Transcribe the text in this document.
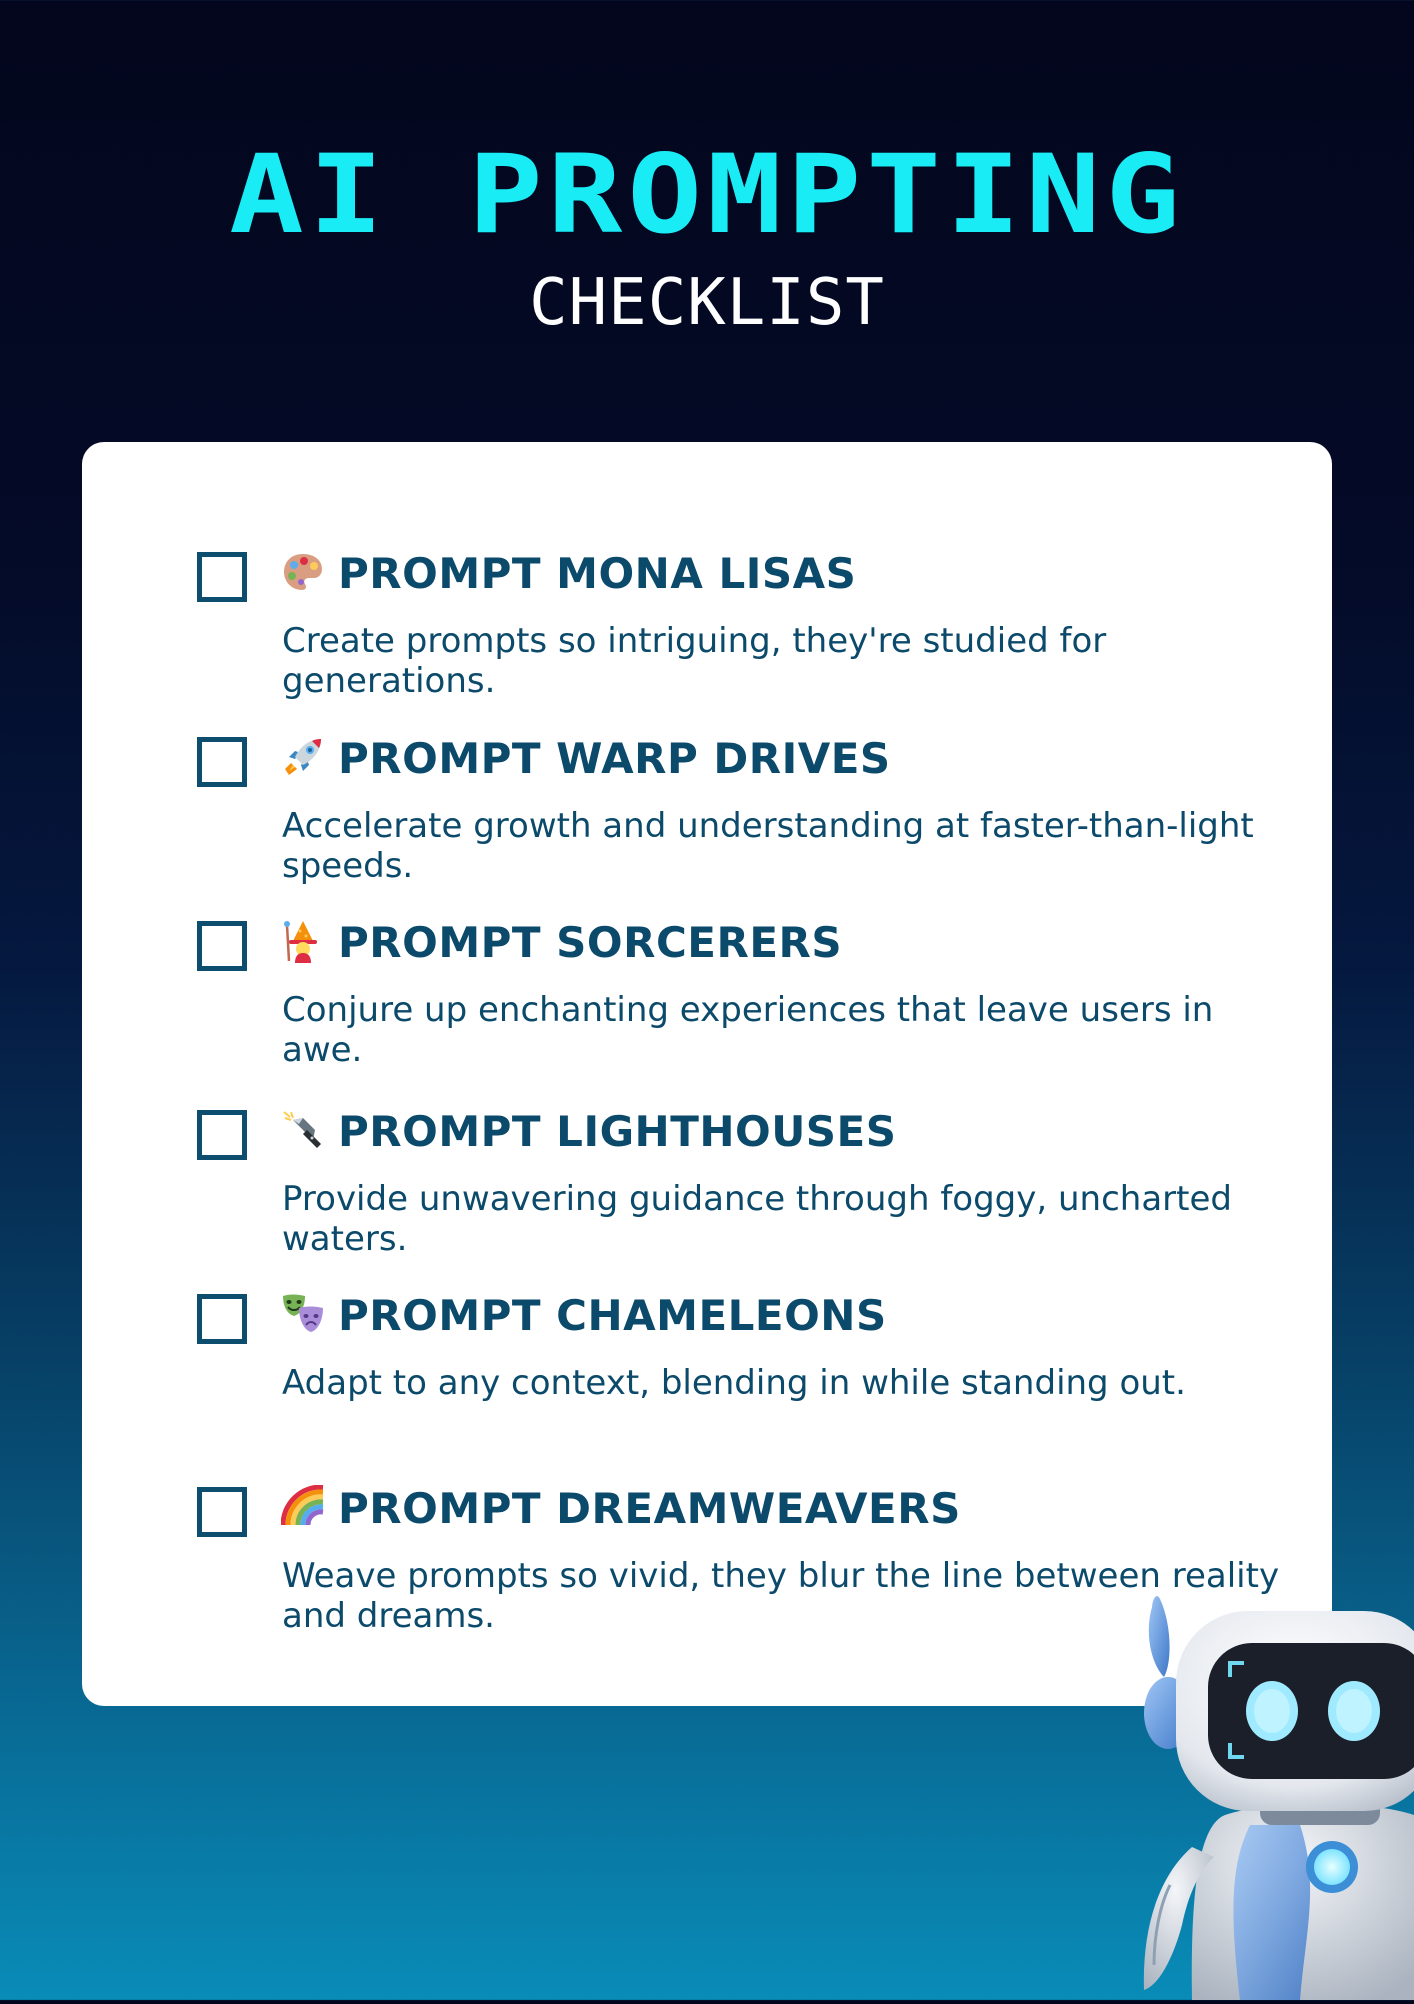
AI PROMPTING
CHECKLIST
PROMPT MONA LISAS
Create prompts so intriguing, they're studied for generations.
PROMPT WARP DRIVES
Accelerate growth and understanding at faster-than-light speeds.
PROMPT SORCERERS
Conjure up enchanting experiences that leave users in awe.
PROMPT LIGHTHOUSES
Provide unwavering guidance through foggy, uncharted waters.
PROMPT CHAMELEONS
Adapt to any context, blending in while standing out.
PROMPT DREAMWEAVERS
Weave prompts so vivid, they blur the line between reality and dreams.
